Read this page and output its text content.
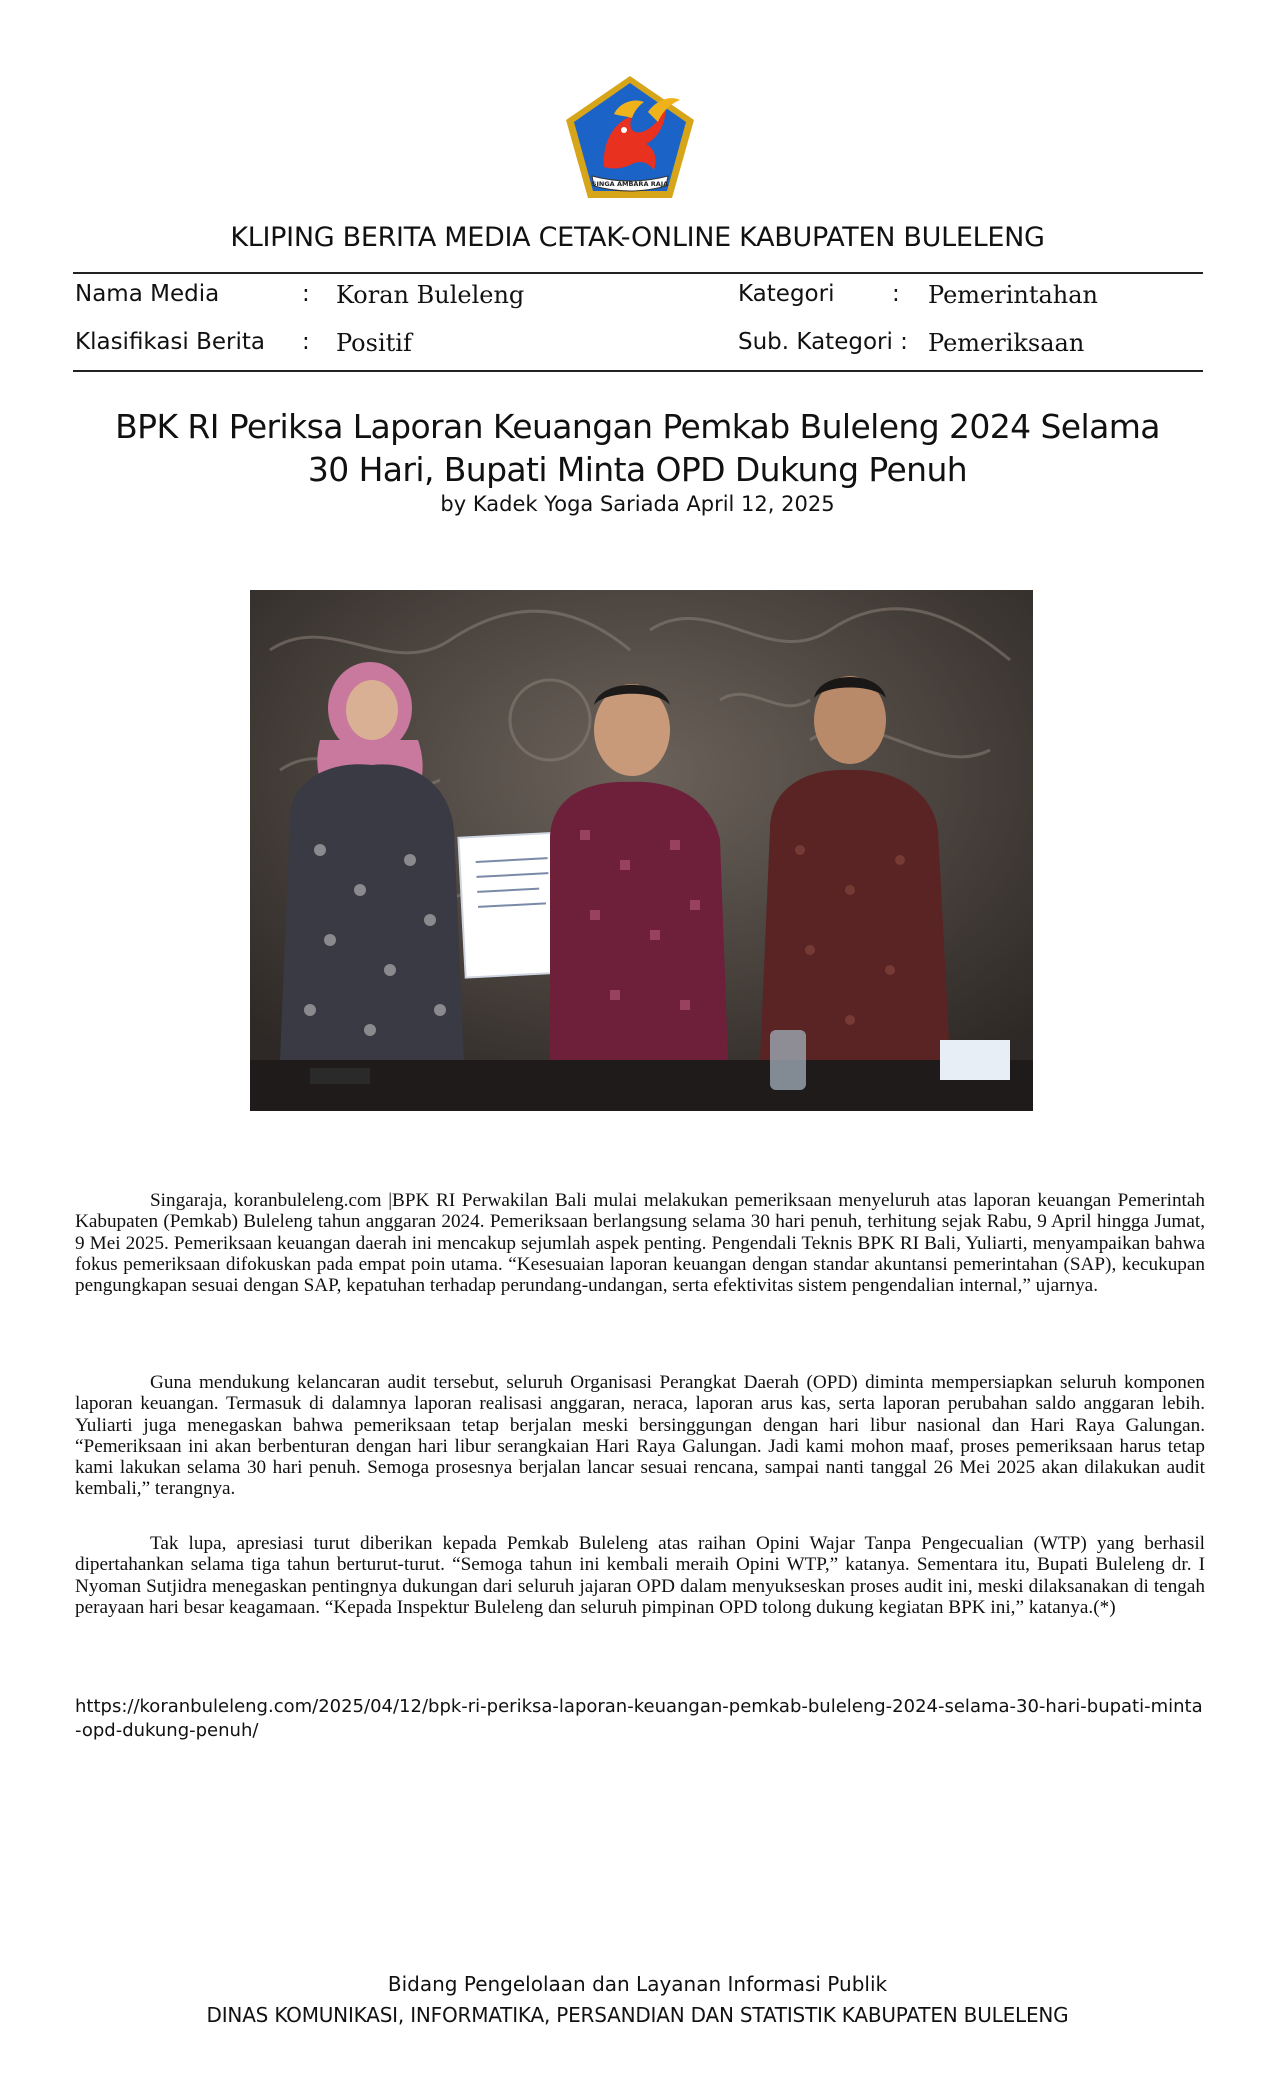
SINGA AMBARA RAJA
KLIPING BERITA MEDIA CETAK-ONLINE KABUPATEN BULELENG
Nama Media	: Koran Buleleng	Kategori	: Pemerintahan
Klasifikasi Berita : Positif	Sub. Kategori : Pemeriksaan
BPK RI Periksa Laporan Keuangan Pemkab Buleleng 2024 Selama
30 Hari, Bupati Minta OPD Dukung Penuh
by Kadek Yoga Sariada April 12, 2025

Singaraja, koranbuleleng.com |BPK RI Perwakilan Bali mulai melakukan pemeriksaan menyeluruh atas laporan keuangan Pemerintah Kabupaten (Pemkab) Buleleng tahun anggaran 2024. Pemeriksaan berlangsung selama 30 hari penuh, terhitung sejak Rabu, 9 April hingga Jumat, 9 Mei 2025. Pemeriksaan keuangan daerah ini mencakup sejumlah aspek penting. Pengendali Teknis BPK RI Bali, Yuliarti, menyampaikan bahwa fokus pemeriksaan difokuskan pada empat poin utama. “Kesesuaian laporan keuangan dengan standar akuntansi pemerintahan (SAP), kecukupan pengungkapan sesuai dengan SAP, kepatuhan terhadap perundang-undangan, serta efektivitas sistem pengendalian internal,” ujarnya.

Guna mendukung kelancaran audit tersebut, seluruh Organisasi Perangkat Daerah (OPD) diminta mempersiapkan seluruh komponen laporan keuangan. Termasuk di dalamnya laporan realisasi anggaran, neraca, laporan arus kas, serta laporan perubahan saldo anggaran lebih. Yuliarti juga menegaskan bahwa pemeriksaan tetap berjalan meski bersinggungan dengan hari libur nasional dan Hari Raya Galungan. “Pemeriksaan ini akan berbenturan dengan hari libur serangkaian Hari Raya Galungan. Jadi kami mohon maaf, proses pemeriksaan harus tetap kami lakukan selama 30 hari penuh. Semoga prosesnya berjalan lancar sesuai rencana, sampai nanti tanggal 26 Mei 2025 akan dilakukan audit kembali,” terangnya.

Tak lupa, apresiasi turut diberikan kepada Pemkab Buleleng atas raihan Opini Wajar Tanpa Pengecualian (WTP) yang berhasil dipertahankan selama tiga tahun berturut-turut. “Semoga tahun ini kembali meraih Opini WTP,” katanya. Sementara itu, Bupati Buleleng dr. I Nyoman Sutjidra menegaskan pentingnya dukungan dari seluruh jajaran OPD dalam menyukseskan proses audit ini, meski dilaksanakan di tengah perayaan hari besar keagamaan. “Kepada Inspektur Buleleng dan seluruh pimpinan OPD tolong dukung kegiatan BPK ini,” katanya.(*)

https://koranbuleleng.com/2025/04/12/bpk-ri-periksa-laporan-keuangan-pemkab-buleleng-2024-selama-30-hari-bupati-minta-opd-dukung-penuh/

Bidang Pengelolaan dan Layanan Informasi Publik
DINAS KOMUNIKASI, INFORMATIKA, PERSANDIAN DAN STATISTIK KABUPATEN BULELENG
